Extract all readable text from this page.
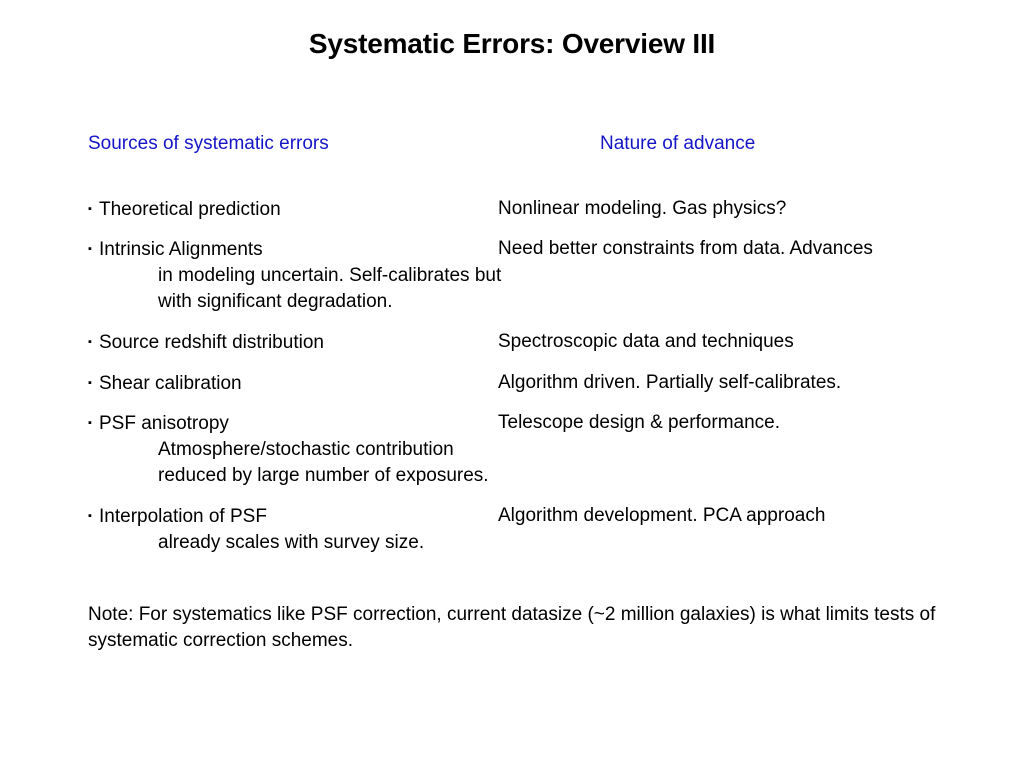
Systematic Errors: Overview III
Sources of systematic errors	Nature of advance
▪ Theoretical prediction	Nonlinear modeling. Gas physics?
▪ Intrinsic Alignments	Need better constraints from data. Advances
in modeling uncertain. Self-calibrates but
with significant degradation.
▪ Source redshift distribution	Spectroscopic data and techniques
▪ Shear calibration	Algorithm driven. Partially self-calibrates.
▪ PSF anisotropy	Telescope design & performance.
Atmosphere/stochastic contribution
reduced by large number of exposures.
▪ Interpolation of PSF	Algorithm development. PCA approach
already scales with survey size.
Note: For systematics like PSF correction, current datasize (~2 million galaxies) is what limits tests of systematic correction schemes.
